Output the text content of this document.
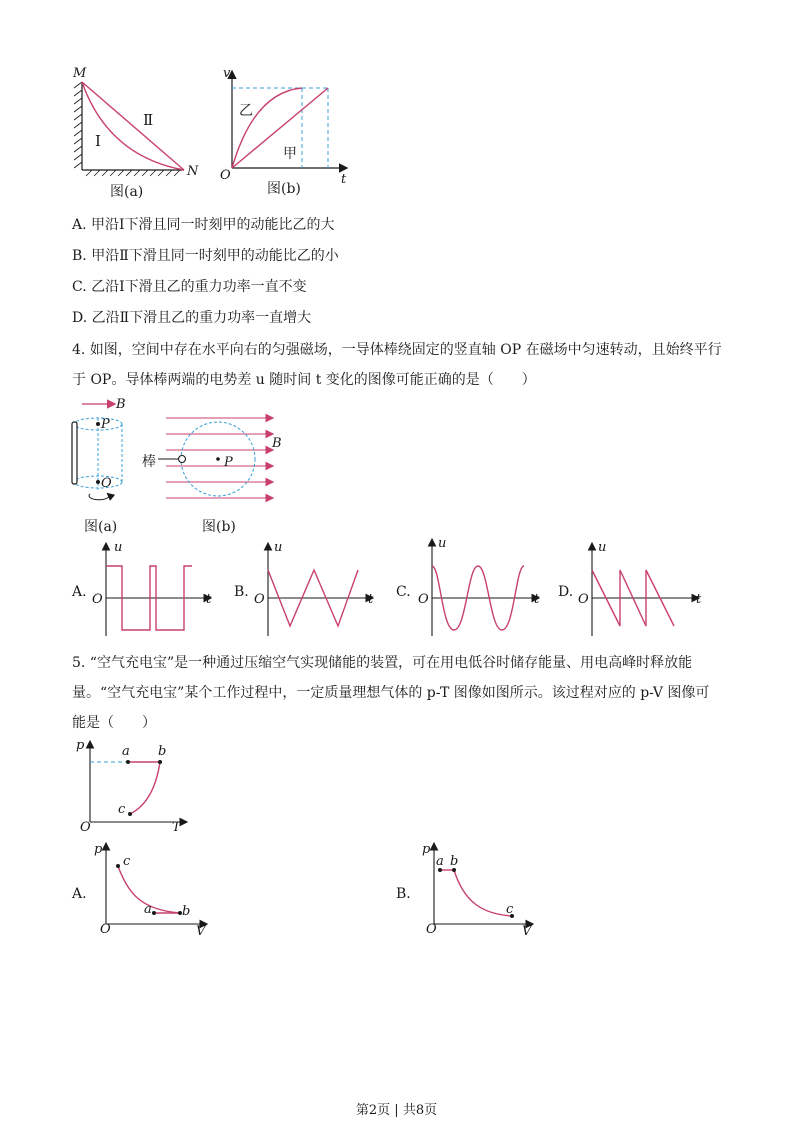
M
N
Ⅰ
Ⅱ
图(a)
v
t
O
乙
甲
图(b)
A. 甲沿Ⅰ下滑且同一时刻甲的动能比乙的大
B. 甲沿Ⅱ下滑且同一时刻甲的动能比乙的小
C. 乙沿Ⅰ下滑且乙的重力功率一直不变
D. 乙沿Ⅱ下滑且乙的重力功率一直增大
4. 如图，空间中存在水平向右的匀强磁场，一导体棒绕固定的竖直轴 OP 在磁场中匀速转动，且始终平行
于 OP。导体棒两端的电势差 u 随时间 t 变化的图像可能正确的是（　　）
B
P
O
图(a)
棒
B
P
图(b)
A.
u
t
O	B.
u
t
O	C.
u
t
O	D.
u
t
O
5. “空气充电宝”是一种通过压缩空气实现储能的装置，可在用电低谷时储存能量、用电高峰时释放能
量。“空气充电宝”某个工作过程中，一定质量理想气体的 p-T 图像如图所示。该过程对应的 p-V 图像可
能是（　　）
p
T
O
a b
c
A.
p
V
O
a b
c
B.
p
V
O
a b
c
第2页 | 共8页
